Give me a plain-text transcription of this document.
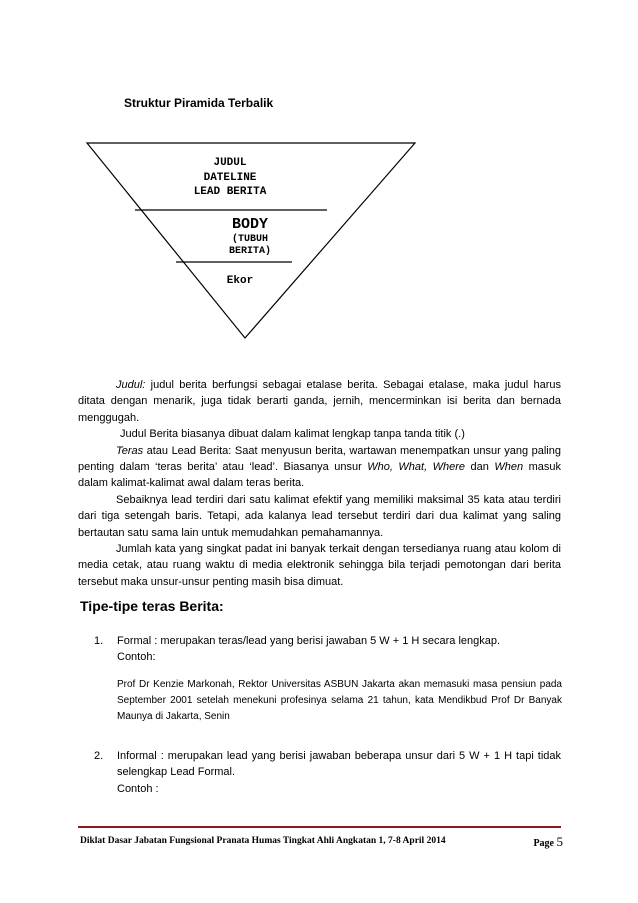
Struktur Piramida Terbalik
JUDUL
DATELINE
LEAD BERITA
BODY
(TUBUH
BERITA)
Ekor

Judul: judul berita berfungsi sebagai etalase berita. Sebagai etalase, maka judul harus ditata dengan menarik, juga tidak berarti ganda, jernih, mencerminkan isi berita dan bernada menggugah.

Judul Berita biasanya dibuat dalam kalimat lengkap tanpa tanda titik (.)

Teras atau Lead Berita: Saat menyusun berita, wartawan menempatkan unsur yang paling penting dalam ‘teras berita’ atau ‘lead’. Biasanya unsur Who, What, Where dan When masuk dalam kalimat-kalimat awal dalam teras berita.

Sebaiknya lead terdiri dari satu kalimat efektif yang memiliki maksimal 35 kata atau terdiri dari tiga setengah baris. Tetapi, ada kalanya lead tersebut terdiri dari dua kalimat yang saling bertautan satu sama lain untuk memudahkan pemahamannya.

Jumlah kata yang singkat padat ini banyak terkait dengan tersedianya ruang atau kolom di media cetak, atau ruang waktu di media elektronik sehingga bila terjadi pemotongan dari berita tersebut maka unsur-unsur penting masih bisa dimuat.

Tipe-tipe teras Berita:
1. Formal : merupakan teras/lead yang berisi jawaban 5 W + 1 H secara lengkap.
Contoh:
Prof Dr Kenzie Markonah, Rektor Universitas ASBUN Jakarta akan memasuki masa pensiun pada September 2001 setelah menekuni profesinya selama 21 tahun, kata Mendikbud Prof Dr Banyak Maunya di Jakarta, Senin
2. Informal : merupakan lead yang berisi jawaban beberapa unsur dari 5 W + 1 H tapi tidak selengkap Lead Formal.
Contoh :
Diklat Dasar Jabatan Fungsional Pranata Humas Tingkat Ahli Angkatan 1, 7-8 April 2014	Page 5
